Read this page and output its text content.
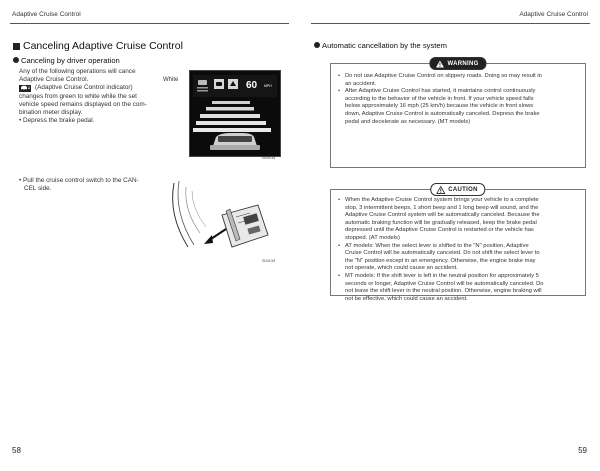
Adaptive Cruise Control	Adaptive Cruise Control
Canceling Adaptive Cruise Control
Canceling by driver operation
Any of the following operations will cance
Adaptive Cruise Control.
(Adaptive Cruise Control indicator)
changes from green to white while the set
vehicle speed remains displayed on the com-
bination meter display.
• Depress the brake pedal.
White	60 MPH
N00034
• Pull the cruise control switch to the CAN-
CEL side.
S04133
58
Automatic cancellation by the system
WARNING
• Do not use Adaptive Cruise Control on slippery roads. Doing so may result in
an accident.
• After Adaptive Cruise Control has started, it maintains control continuously
according to the behavior of the vehicle in front. If your vehicle speed falls
below approximately 16 mph (25 km/h) because the vehicle in front slows
down, Adaptive Cruise Control is automatically canceled. Depress the brake
pedal and decelerate as necessary. (MT models)
CAUTION
• When the Adaptive Cruise Control system brings your vehicle to a complete
stop, 3 intermittent beeps, 1 short beep and 1 long beep will sound, and the
Adaptive Cruise Control system will be automatically canceled. Because the
automatic braking function will be gradually released, keep the brake pedal
depressed until the Adaptive Cruise Control is restarted or the vehicle has
stopped. (AT models)
• AT models: When the select lever is shifted to the "N" position, Adaptive
Cruise Control will be automatically canceled. Do not shift the select lever to
the "N" position except in an emergency. Otherwise, the engine brake may
not operate, which could cause an accident.
• MT models: If the shift lever is left in the neutral position for approximately 5
seconds or longer, Adaptive Cruise Control will be automatically canceled. Do
not leave the shift lever in the neutral position. Otherwise, engine braking will
not be effective, which could cause an accident.
59
